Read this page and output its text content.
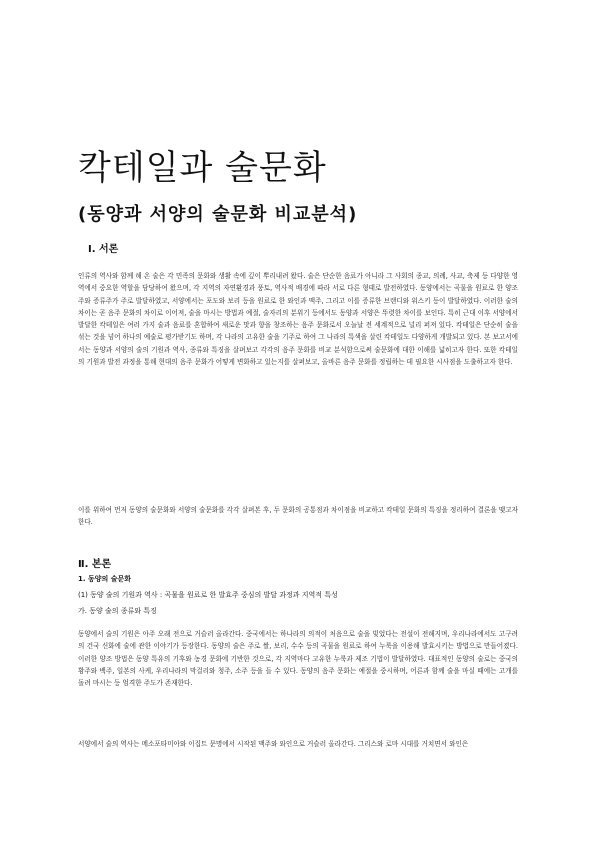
칵테일과 술문화
(동양과 서양의 술문화 비교분석)
Ⅰ. 서론

인류의 역사와 함께 해 온 술은 각 민족의 문화와 생활 속에 깊이 뿌리내려 왔다. 술은 단순한 음료가 아니라 그 사회의 종교, 의례, 사교, 축제 등 다양한 영역에서 중요한 역할을 담당하여 왔으며, 각 지역의 자연환경과 풍토, 역사적 배경에 따라 서로 다른 형태로 발전하였다. 동양에서는 곡물을 원료로 한 양조주와 증류주가 주로 발달하였고, 서양에서는 포도와 보리 등을 원료로 한 와인과 맥주, 그리고 이를 증류한 브랜디와 위스키 등이 발달하였다. 이러한 술의 차이는 곧 음주 문화의 차이로 이어져, 술을 마시는 방법과 예절, 술자리의 분위기 등에서도 동양과 서양은 뚜렷한 차이를 보인다. 특히 근대 이후 서양에서 발달한 칵테일은 여러 가지 술과 음료를 혼합하여 새로운 맛과 향을 창조하는 음주 문화로서 오늘날 전 세계적으로 널리 퍼져 있다. 칵테일은 단순히 술을 섞는 것을 넘어 하나의 예술로 평가받기도 하며, 각 나라의 고유한 술을 기주로 하여 그 나라의 특색을 살린 칵테일도 다양하게 개발되고 있다. 본 보고서에서는 동양과 서양의 술의 기원과 역사, 종류와 특징을 살펴보고 각각의 음주 문화를 비교 분석함으로써 술문화에 대한 이해를 넓히고자 한다. 또한 칵테일의 기원과 발전 과정을 통해 현대의 음주 문화가 어떻게 변화하고 있는지를 살펴보고, 올바른 음주 문화를 정립하는 데 필요한 시사점을 도출하고자 한다.

이를 위하여 먼저 동양의 술문화와 서양의 술문화를 각각 살펴본 후, 두 문화의 공통점과 차이점을 비교하고 칵테일 문화의 특징을 정리하여 결론을 맺고자 한다.

Ⅱ. 본론

1. 동양의 술문화

(1) 동양 술의 기원과 역사 : 곡물을 원료로 한 발효주 중심의 발달 과정과 지역적 특성

가. 동양 술의 종류와 특징

동양에서 술의 기원은 아주 오래 전으로 거슬러 올라간다. 중국에서는 하나라의 의적이 처음으로 술을 빚었다는 전설이 전해지며, 우리나라에서도 고구려의 건국 신화에 술에 관한 이야기가 등장한다. 동양의 술은 주로 쌀, 보리, 수수 등의 곡물을 원료로 하여 누룩을 이용해 발효시키는 방법으로 만들어졌다. 이러한 양조 방법은 동양 특유의 기후와 농경 문화에 기반한 것으로, 각 지역마다 고유한 누룩과 제조 기법이 발달하였다. 대표적인 동양의 술로는 중국의 황주와 백주, 일본의 사케, 우리나라의 막걸리와 청주, 소주 등을 들 수 있다. 동양의 음주 문화는 예절을 중시하며, 어른과 함께 술을 마실 때에는 고개를 돌려 마시는 등 엄격한 주도가 존재한다.

서양에서 술의 역사는 메소포타미아와 이집트 문명에서 시작된 맥주와 와인으로 거슬러 올라간다. 그리스와 로마 시대를 거치면서 와인은
